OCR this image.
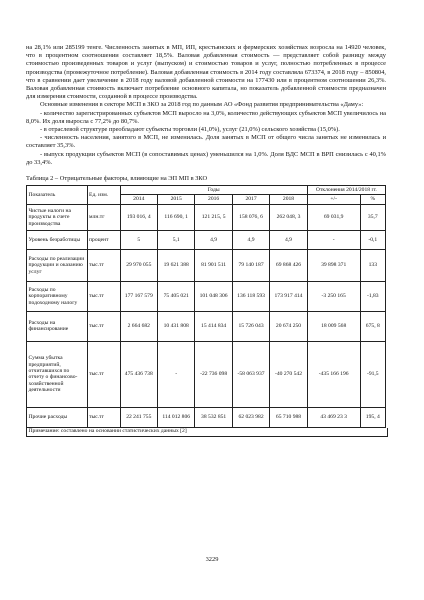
на 28,1% или 285199 тенге. Численность занятых в МП, ИП, крестьянских и фермерских хозяйствах возросла на 14920 человек, что в процентном соотношении составляет 18,5%. Валовая добавленная стоимость — представляет собой разницу между стоимостью произведенных товаров и услуг (выпуском) и стоимостью товаров и услуг, полностью потребленных в процессе производства (промежуточное потребление). Валовая добавленная стоимость в 2014 году составляла 673374, в 2018 году – 850804, что в сравнении дает увеличение в 2018 году валовой добавленной стоимости на 177430 или в процентном соотношении 26,3%. Валовая добавленная стоимость включает потребление основного капитала, но показатель добавленной стоимости предназначен для измерения стоимости, созданной в процессе производства.

Основные изменения в секторе МСП в ЗКО за 2018 год по данным АО «Фонд развития предпринимательства «Даму»:

- количество зарегистрированных субъектов МСП выросло на 3,0%, количество действующих субъектов МСП увеличилось на 8,0%. Их доля выросла с 77,2% до 80,7%.

- в отраслевой структуре преобладают субъекты торговли (41,0%), услуг (21,0%) сельского хозяйства (15,0%).

- численность населения, занятого в МСП, не изменилась. Доля занятых в МСП от общего числа занятых не изменилась и составляет 35,3%.

- выпуск продукции субъектов МСП (в сопоставимых ценах) уменьшился на 1,0%. Доля ВДС МСП в ВРП снизилась с 40,1% до 33,4%.

Таблица 2 – Отрицательные факторы, влияющие на ЭП МП в ЗКО
Показатель	Ед. изм.	Годы					Отклонения 2014/2018 гг.	
		2014	2015	2016	2017	2018	+/-	%
Чистые налоги на продукты в счете производства	млн.тг	193 016, 4	116 690, 1	121 215, 5	158 076, 6	262 048, 3	69 031,9	35,7
Уровень безработицы	процент	5	5,1	4,9	4,9	4,9	-	-0,1
Расходы по реализации продукции и оказанию услуг	тыс.тг	29 970 055	19 621 388	81 901 511	79 140 187	69 868 426	39 898 371	133
Расходы по корпоративному подоходному налогу	тыс.тг	177 167 579	75 405 021	101 048 306	136 118 593	173 917 414	-3 250 165	-1,83
Расходы на финансирование	тыс.тг	2 664 682	10 431 808	15 414 834	15 726 043	20 674 250	18 009 568	675, 8
Сумма убытка предприятий, отчитавшихся по отчету о финансово-хозяйственной деятельности	тыс.тг	475 436 738	-	-22 736 098	-58 063 937	-40 270 542	-435 166 196	-91,5
Прочие расходы	тыс.тг	22 241 755	114 012 806	38 532 851	62 023 982	65 710 988	43 469 23 3	195, 4
Примечание: составлено на основании статистических данных [2]
3229
